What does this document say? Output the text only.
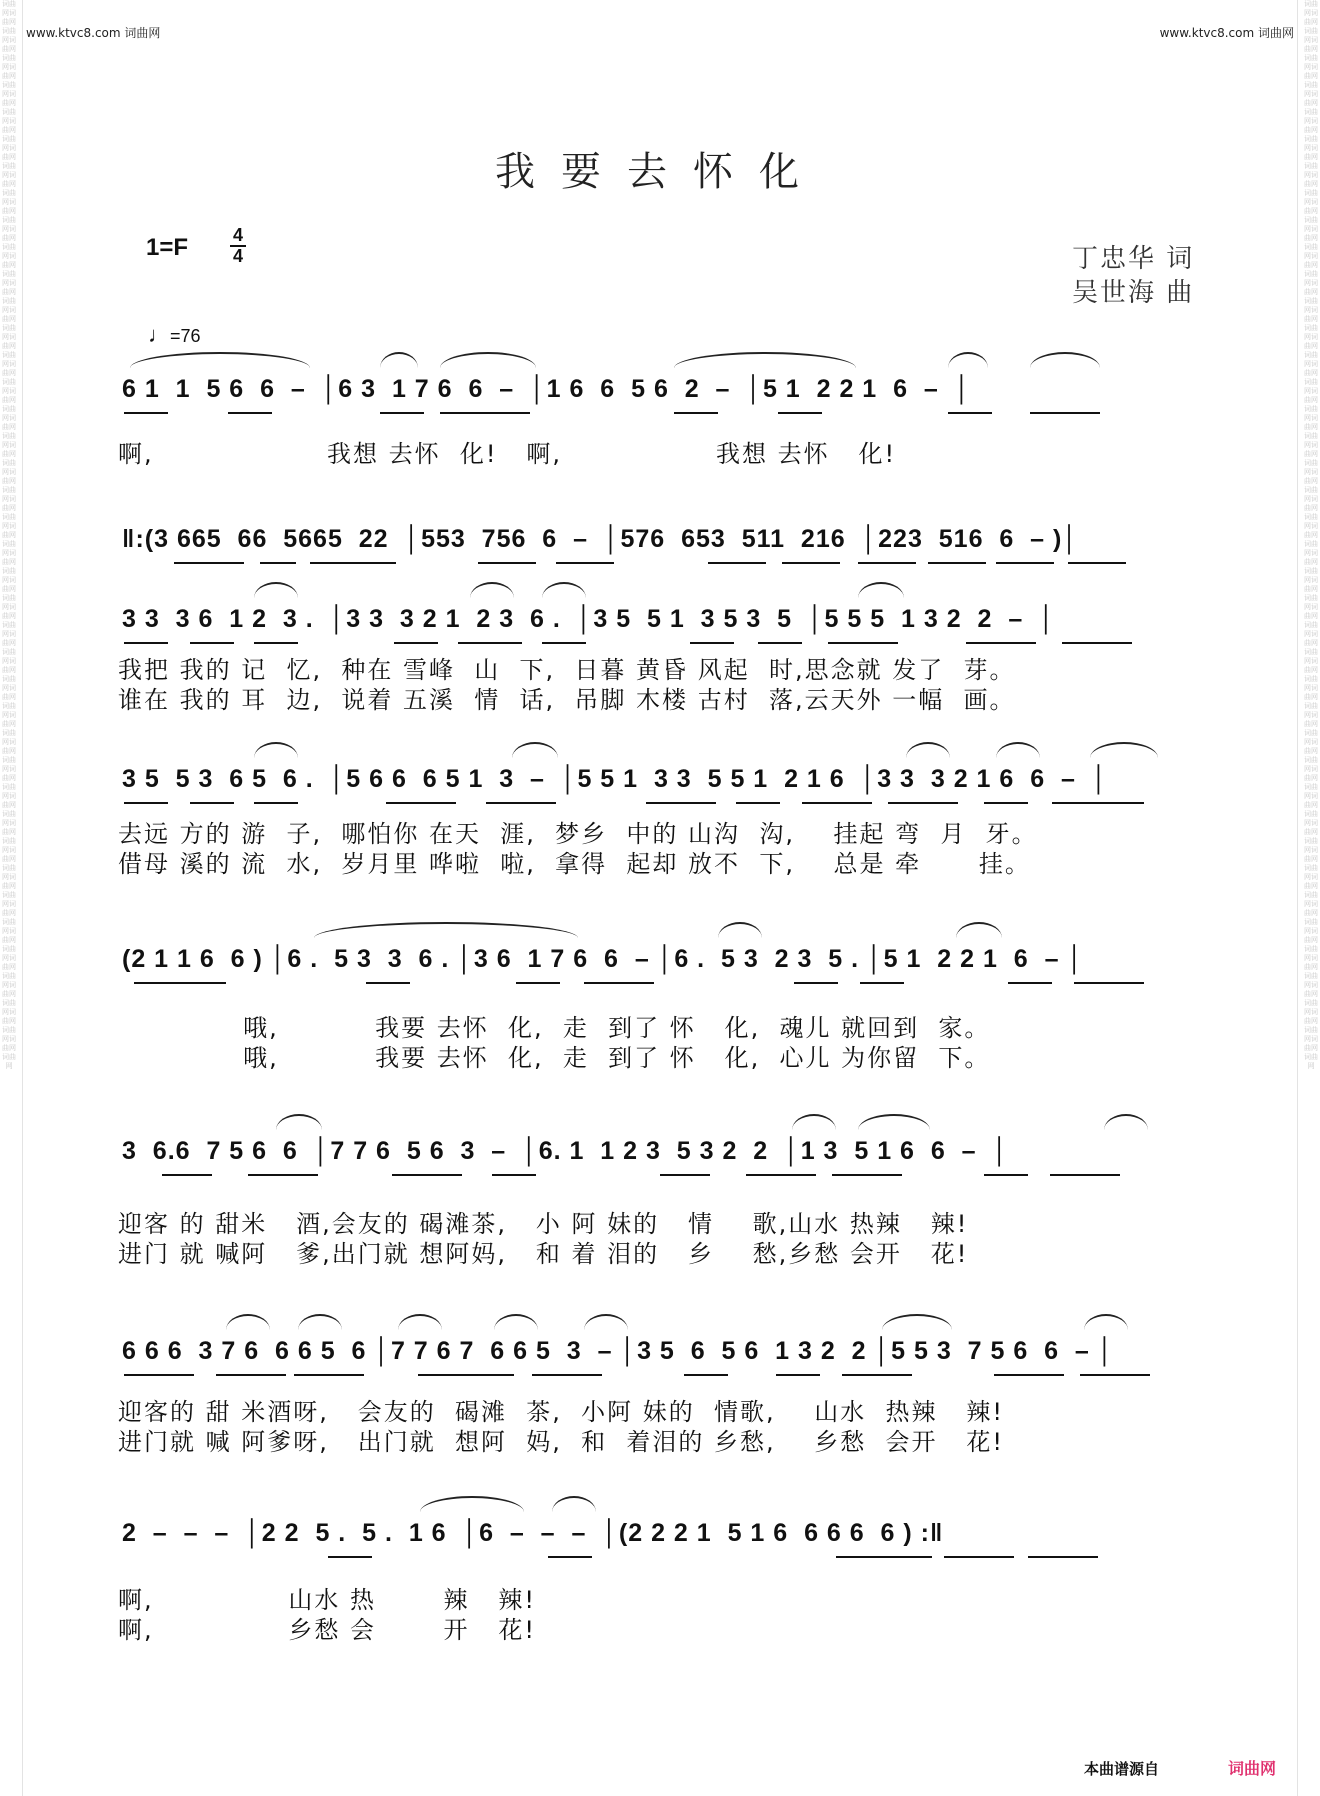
词曲网词曲网词曲网词曲网词曲网词曲网词曲网词曲网词曲网词曲网词曲网词曲网词曲网词曲网词曲网词曲网词曲网词曲网词曲网词曲网词曲网词曲网词曲网词曲网词曲网词曲网词曲网词曲网词曲网词曲网词曲网词曲网词曲网词曲网词曲网词曲网词曲网词曲网词曲网词曲网词曲网词曲网词曲网词曲网词曲网词曲网词曲网词曲网词曲网词曲网词曲网词曲网词曲网词曲网词曲网词曲网词曲网词曲网词曲网词曲网词曲网词曲网词曲网词曲网词曲网词曲网词曲网词曲网词曲网词曲网词曲网词曲网词曲网词曲网词曲网词曲网词曲网词曲网词曲网
词曲网词曲网词曲网词曲网词曲网词曲网词曲网词曲网词曲网词曲网词曲网词曲网词曲网词曲网词曲网词曲网词曲网词曲网词曲网词曲网词曲网词曲网词曲网词曲网词曲网词曲网词曲网词曲网词曲网词曲网词曲网词曲网词曲网词曲网词曲网词曲网词曲网词曲网词曲网词曲网词曲网词曲网词曲网词曲网词曲网词曲网词曲网词曲网词曲网词曲网词曲网词曲网词曲网词曲网词曲网词曲网词曲网词曲网词曲网词曲网词曲网词曲网词曲网词曲网词曲网词曲网词曲网词曲网词曲网词曲网词曲网词曲网词曲网词曲网词曲网词曲网词曲网词曲网词曲网
www.ktvc8.com 词曲网	www.ktvc8.com 词曲网
我要去怀化
1=F 4
4	丁忠华 词
吴世海 曲
♩=76
6 1  1  5 6  6  –  │6 3  1 7 6  6  –  │1 6  6  5 6  2  –  │5 1  2 2 1  6  –  │
啊,                  我想 去怀  化!   啊,                我想 去怀   化!
‖:(3 665  66  5665  22  │553  756  6  –  │576  653  511  216  │223  516  6  – )│
3 3  3 6  1 2  3 .  │3 3  3 2 1  2 3  6 .  │3 5  5 1  3 5 3  5  │5 5 5  1 3 2  2  –  │
我把 我的 记  忆,  种在 雪峰  山  下,  日暮 黄昏 风起  时,思念就 发了  芽。
谁在 我的 耳  边,  说着 五溪  情  话,  吊脚 木楼 古村  落,云天外 一幅  画。
3 5  5 3  6 5  6 .  │5 6 6  6 5 1  3  –  │5 5 1  3 3  5 5 1  2 1 6  │3 3  3 2 1 6  6  –  │
去远 方的 游  子,  哪怕你 在天  涯,  梦乡  中的 山沟  沟,    挂起 弯  月  牙。
借母 溪的 流  水,  岁月里 哗啦  啦,  拿得  起却 放不  下,    总是 牵      挂。
(2 1 1 6  6 ) │6 .  5 3  3  6 . │3 6  1 7 6  6  – │6 .  5 3  2 3  5 . │5 1  2 2 1  6  – │
哦,          我要 去怀  化,  走  到了 怀   化,  魂儿 就回到  家。
哦,          我要 去怀  化,  走  到了 怀   化,  心儿 为你留  下。
3  6.6  7 5 6  6  │7 7 6  5 6  3  –  │6. 1  1 2 3  5 3 2  2  │1 3  5 1 6  6  –  │
迎客 的 甜米   酒,会友的 碣滩茶,   小 阿 妹的   情    歌,山水 热辣   辣!
进门 就 喊阿   爹,出门就 想阿妈,   和 着 泪的   乡    愁,乡愁 会开   花!
6 6 6  3 7 6  6 6 5  6 │7 7 6 7  6 6 5  3  – │3 5  6  5 6  1 3 2  2 │5 5 3  7 5 6  6  – │
迎客的 甜 米酒呀,   会友的  碣滩  茶,  小阿 妹的  情歌,    山水  热辣   辣!
进门就 喊 阿爹呀,   出门就  想阿  妈,  和  着泪的 乡愁,    乡愁  会开   花!
2  –  –  –  │2 2  5 .  5 .  1 6  │6  –  –  –  │(2 2 2 1  5 1 6  6 6 6  6 ) :‖
啊,              山水 热       辣   辣!
啊,              乡愁 会       开   花!
本曲谱源自	词曲网
